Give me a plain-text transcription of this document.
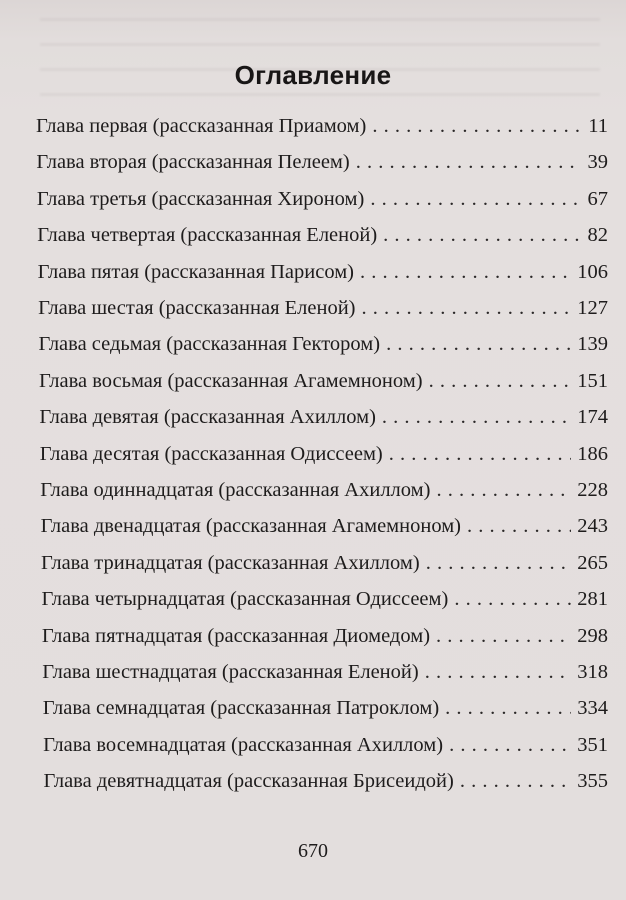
Оглавление
Глава первая (рассказанная Приамом) . . .	11
Глава вторая (рассказанная Пелеем) . . .	39
Глава третья (рассказанная Хироном) . . .	67
Глава четвертая (рассказанная Еленой) . . .	82
Глава пятая (рассказанная Парисом) . . .	106
Глава шестая (рассказанная Еленой) . . .	127
Глава седьмая (рассказанная Гектором) . . .	139
Глава восьмая (рассказанная Агамемноном) . . .	151
Глава девятая (рассказанная Ахиллом) . . .	174
Глава десятая (рассказанная Одиссеем) . . .	186
Глава одиннадцатая (рассказанная Ахиллом) . . .	228
Глава двенадцатая (рассказанная Агамемноном) . . .	243
Глава тринадцатая (рассказанная Ахиллом) . . .	265
Глава четырнадцатая (рассказанная Одиссеем) . . .	281
Глава пятнадцатая (рассказанная Диомедом) . . .	298
Глава шестнадцатая (рассказанная Еленой) . . .	318
Глава семнадцатая (рассказанная Патроклом) . . .	334
Глава восемнадцатая (рассказанная Ахиллом) . . .	351
Глава девятнадцатая (рассказанная Брисеидой) . . .	355
670
